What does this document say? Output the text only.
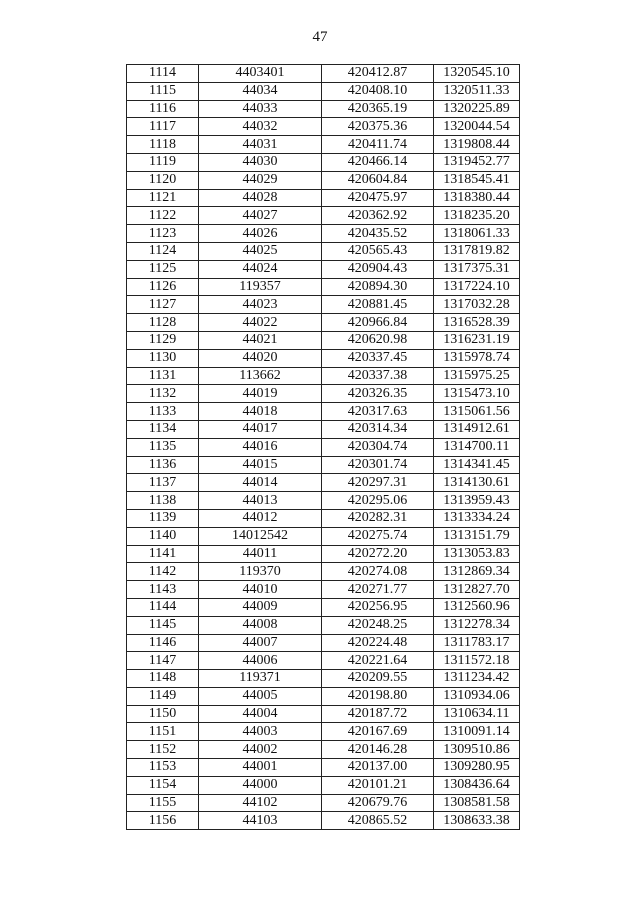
47
1114	4403401	420412.87	1320545.10
1115	44034	420408.10	1320511.33
1116	44033	420365.19	1320225.89
1117	44032	420375.36	1320044.54
1118	44031	420411.74	1319808.44
1119	44030	420466.14	1319452.77
1120	44029	420604.84	1318545.41
1121	44028	420475.97	1318380.44
1122	44027	420362.92	1318235.20
1123	44026	420435.52	1318061.33
1124	44025	420565.43	1317819.82
1125	44024	420904.43	1317375.31
1126	119357	420894.30	1317224.10
1127	44023	420881.45	1317032.28
1128	44022	420966.84	1316528.39
1129	44021	420620.98	1316231.19
1130	44020	420337.45	1315978.74
1131	113662	420337.38	1315975.25
1132	44019	420326.35	1315473.10
1133	44018	420317.63	1315061.56
1134	44017	420314.34	1314912.61
1135	44016	420304.74	1314700.11
1136	44015	420301.74	1314341.45
1137	44014	420297.31	1314130.61
1138	44013	420295.06	1313959.43
1139	44012	420282.31	1313334.24
1140	14012542	420275.74	1313151.79
1141	44011	420272.20	1313053.83
1142	119370	420274.08	1312869.34
1143	44010	420271.77	1312827.70
1144	44009	420256.95	1312560.96
1145	44008	420248.25	1312278.34
1146	44007	420224.48	1311783.17
1147	44006	420221.64	1311572.18
1148	119371	420209.55	1311234.42
1149	44005	420198.80	1310934.06
1150	44004	420187.72	1310634.11
1151	44003	420167.69	1310091.14
1152	44002	420146.28	1309510.86
1153	44001	420137.00	1309280.95
1154	44000	420101.21	1308436.64
1155	44102	420679.76	1308581.58
1156	44103	420865.52	1308633.38
